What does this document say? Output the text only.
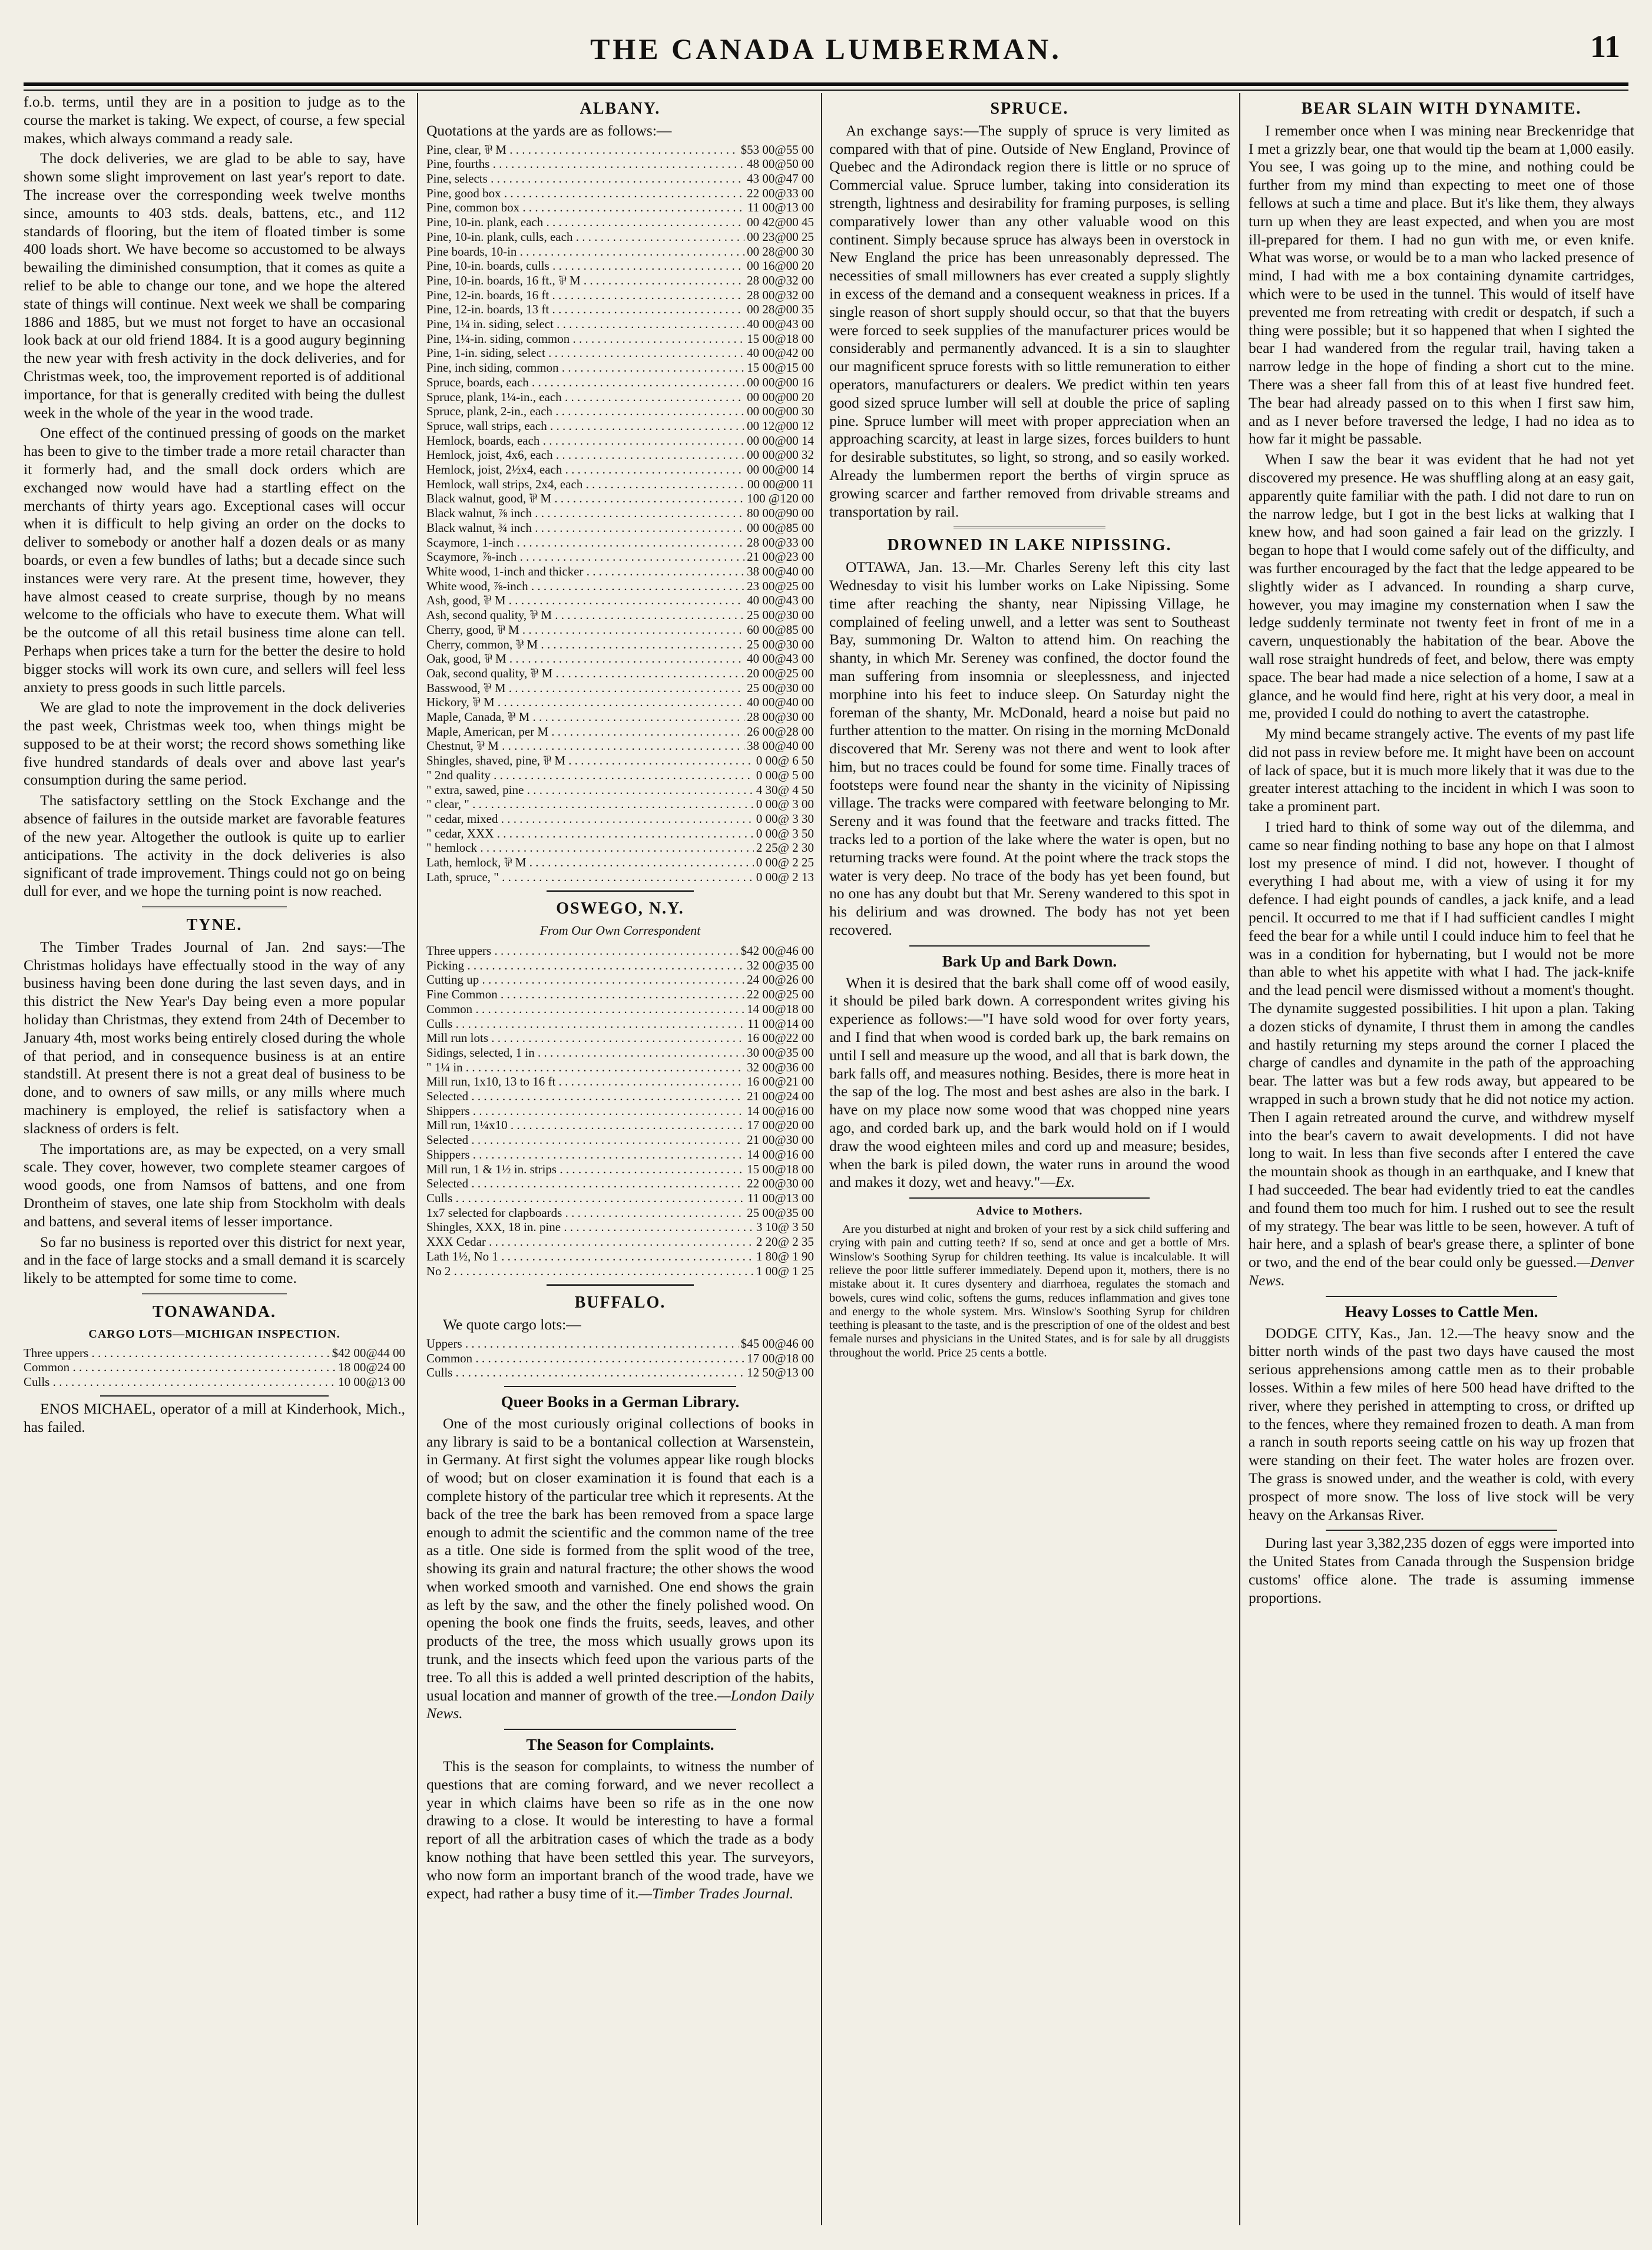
THE CANADA LUMBERMAN.	11

f.o.b. terms, until they are in a position to judge as to the course the market is taking. We expect, of course, a few special makes, which always command a ready sale.

The dock deliveries, we are glad to be able to say, have shown some slight improvement on last year's report to date. The increase over the corresponding week twelve months since, amounts to 403 stds. deals, battens, etc., and 112 standards of flooring, but the item of floated timber is some 400 loads short. We have become so accustomed to be always bewailing the diminished consumption, that it comes as quite a relief to be able to change our tone, and we hope the altered state of things will continue. Next week we shall be comparing 1886 and 1885, but we must not forget to have an occasional look back at our old friend 1884. It is a good augury beginning the new year with fresh activity in the dock deliveries, and for Christmas week, too, the improvement reported is of additional importance, for that is generally credited with being the dullest week in the whole of the year in the wood trade.

One effect of the continued pressing of goods on the market has been to give to the timber trade a more retail character than it formerly had, and the small dock orders which are exchanged now would have had a startling effect on the merchants of thirty years ago. Exceptional cases will occur when it is difficult to help giving an order on the docks to deliver to somebody or another half a dozen deals or as many boards, or even a few bundles of laths; but a decade since such instances were very rare. At the present time, however, they have almost ceased to create surprise, though by no means welcome to the officials who have to execute them. What will be the outcome of all this retail business time alone can tell. Perhaps when prices take a turn for the better the desire to hold bigger stocks will work its own cure, and sellers will feel less anxiety to press goods in such little parcels.

We are glad to note the improvement in the dock deliveries the past week, Christmas week too, when things might be supposed to be at their worst; the record shows something like five hundred standards of deals over and above last year's consumption during the same period.

The satisfactory settling on the Stock Exchange and the absence of failures in the outside market are favorable features of the new year. Altogether the outlook is quite up to earlier anticipations. The activity in the dock deliveries is also significant of trade improvement. Things could not go on being dull for ever, and we hope the turning point is now reached.

TYNE.

The Timber Trades Journal of Jan. 2nd says:—The Christmas holidays have effectually stood in the way of any business having been done during the last seven days, and in this district the New Year's Day being even a more popular holiday than Christmas, they extend from 24th of December to January 4th, most works being entirely closed during the whole of that period, and in consequence business is at an entire standstill. At present there is not a great deal of business to be done, and to owners of saw mills, or any mills where much machinery is employed, the relief is satisfactory when a slackness of orders is felt.

The importations are, as may be expected, on a very small scale. They cover, however, two complete steamer cargoes of wood goods, one from Namsos of battens, and one from Drontheim of staves, one late ship from Stockholm with deals and battens, and several items of lesser importance.

So far no business is reported over this district for next year, and in the face of large stocks and a small demand it is scarcely likely to be attempted for some time to come.

TONAWANDA.
CARGO LOTS—MICHIGAN INSPECTION.
Three uppers . . .	$42 00@44 00
Common . . .	18 00@24 00
Culls . . .	10 00@13 00

ENOS MICHAEL, operator of a mill at Kinderhook, Mich., has failed.

ALBANY.

Quotations at the yards are as follows:—

Pine, clear, ⅌ M . . .	$53 00@55 00
Pine, fourths . . .	48 00@50 00
Pine, selects . . .	43 00@47 00
Pine, good box . . .	22 00@33 00
Pine, common box . . .	11 00@13 00
Pine, 10-in. plank, each . . .	00 42@00 45
Pine, 10-in. plank, culls, each . . .	00 23@00 25
Pine boards, 10-in . . .	00 28@00 30
Pine, 10-in. boards, culls . . .	00 16@00 20
Pine, 10-in. boards, 16 ft., ⅌ M . . .	28 00@32 00
Pine, 12-in. boards, 16 ft . . .	28 00@32 00
Pine, 12-in. boards, 13 ft . . .	00 28@00 35
Pine, 1¼ in. siding, select . . .	40 00@43 00
Pine, 1¼-in. siding, common . . .	15 00@18 00
Pine, 1-in. siding, select . . .	40 00@42 00
Pine, inch siding, common . . .	15 00@15 00
Spruce, boards, each . . .	00 00@00 16
Spruce, plank, 1¼-in., each . . .	00 00@00 20
Spruce, plank, 2-in., each . . .	00 00@00 30
Spruce, wall strips, each . . .	00 12@00 12
Hemlock, boards, each . . .	00 00@00 14
Hemlock, joist, 4x6, each . . .	00 00@00 32
Hemlock, joist, 2½x4, each . . .	00 00@00 14
Hemlock, wall strips, 2x4, each . . .	00 00@00 11
Black walnut, good, ⅌ M . . .	100 @120 00
Black walnut, ⅞ inch . . .	80 00@90 00
Black walnut, ¾ inch . . .	00 00@85 00
Scaymore, 1-inch . . .	28 00@33 00
Scaymore, ⅞-inch . . .	21 00@23 00
White wood, 1-inch and thicker . . .	38 00@40 00
White wood, ⅞-inch . . .	23 00@25 00
Ash, good, ⅌ M . . .	40 00@43 00
Ash, second quality, ⅌ M . . .	25 00@30 00
Cherry, good, ⅌ M . . .	60 00@85 00
Cherry, common, ⅌ M . . .	25 00@30 00
Oak, good, ⅌ M . . .	40 00@43 00
Oak, second quality, ⅌ M . . .	20 00@25 00
Basswood, ⅌ M . . .	25 00@30 00
Hickory, ⅌ M . . .	40 00@40 00
Maple, Canada, ⅌ M . . .	28 00@30 00
Maple, American, per M . . .	26 00@28 00
Chestnut, ⅌ M . . .	38 00@40 00
Shingles, shaved, pine, ⅌ M . . .	0 00@ 6 50
" 2nd quality . . .	0 00@ 5 00
" extra, sawed, pine . . .	4 30@ 4 50
" clear, " . . .	0 00@ 3 00
" cedar, mixed . . .	0 00@ 3 30
" cedar, XXX . . .	0 00@ 3 50
" hemlock . . .	2 25@ 2 30
Lath, hemlock, ⅌ M . . .	0 00@ 2 25
Lath, spruce, " . . .	0 00@ 2 13
OSWEGO, N.Y.
From Our Own Correspondent
Three uppers . . .	$42 00@46 00
Picking . . .	32 00@35 00
Cutting up . . .	24 00@26 00
Fine Common . . .	22 00@25 00
Common . . .	14 00@18 00
Culls . . .	11 00@14 00
Mill run lots . . .	16 00@22 00
Sidings, selected, 1 in . . .	30 00@35 00
" 1¼ in . . .	32 00@36 00
Mill run, 1x10, 13 to 16 ft . . .	16 00@21 00
Selected . . .	21 00@24 00
Shippers . . .	14 00@16 00
Mill run, 1¼x10 . . .	17 00@20 00
Selected . . .	21 00@30 00
Shippers . . .	14 00@16 00
Mill run, 1 & 1½ in. strips . . .	15 00@18 00
Selected . . .	22 00@30 00
Culls . . .	11 00@13 00
1x7 selected for clapboards . . .	25 00@35 00
Shingles, XXX, 18 in. pine . . .	3 10@ 3 50
XXX Cedar . . .	2 20@ 2 35
Lath 1½, No 1 . . .	1 80@ 1 90
No 2 . . .	1 00@ 1 25
BUFFALO.

We quote cargo lots:—

Uppers . . .	$45 00@46 00
Common . . .	17 00@18 00
Culls . . .	12 50@13 00
Queer Books in a German Library.

One of the most curiously original collections of books in any library is said to be a bontanical collection at Warsenstein, in Germany. At first sight the volumes appear like rough blocks of wood; but on closer examination it is found that each is a complete history of the particular tree which it represents. At the back of the tree the bark has been removed from a space large enough to admit the scientific and the common name of the tree as a title. One side is formed from the split wood of the tree, showing its grain and natural fracture; the other shows the wood when worked smooth and varnished. One end shows the grain as left by the saw, and the other the finely polished wood. On opening the book one finds the fruits, seeds, leaves, and other products of the tree, the moss which usually grows upon its trunk, and the insects which feed upon the various parts of the tree. To all this is added a well printed description of the habits, usual location and manner of growth of the tree.—London Daily News.

The Season for Complaints.

This is the season for complaints, to witness the number of questions that are coming forward, and we never recollect a year in which claims have been so rife as in the one now drawing to a close. It would be interesting to have a formal report of all the arbitration cases of which the trade as a body know nothing that have been settled this year. The surveyors, who now form an important branch of the wood trade, have we expect, had rather a busy time of it.—Timber Trades Journal.

SPRUCE.

An exchange says:—The supply of spruce is very limited as compared with that of pine. Outside of New England, Province of Quebec and the Adirondack region there is little or no spruce of Commercial value. Spruce lumber, taking into consideration its strength, lightness and desirability for framing purposes, is selling comparatively lower than any other valuable wood on this continent. Simply because spruce has always been in overstock in New England the price has been unreasonably depressed. The necessities of small millowners has ever created a supply slightly in excess of the demand and a consequent weakness in prices. If a single reason of short supply should occur, so that that the buyers were forced to seek supplies of the manufacturer prices would be considerably and permanently advanced. It is a sin to slaughter our magnificent spruce forests with so little remuneration to either operators, manufacturers or dealers. We predict within ten years good sized spruce lumber will sell at double the price of sapling pine. Spruce lumber will meet with proper appreciation when an approaching scarcity, at least in large sizes, forces builders to hunt for desirable substitutes, so light, so strong, and so easily worked. Already the lumbermen report the berths of virgin spruce as growing scarcer and farther removed from drivable streams and transportation by rail.

DROWNED IN LAKE NIPISSING.

OTTAWA, Jan. 13.—Mr. Charles Sereny left this city last Wednesday to visit his lumber works on Lake Nipissing. Some time after reaching the shanty, near Nipissing Village, he complained of feeling unwell, and a letter was sent to Southeast Bay, summoning Dr. Walton to attend him. On reaching the shanty, in which Mr. Sereney was confined, the doctor found the man suffering from insomnia or sleeplessness, and injected morphine into his feet to induce sleep. On Saturday night the foreman of the shanty, Mr. McDonald, heard a noise but paid no further attention to the matter. On rising in the morning McDonald discovered that Mr. Sereny was not there and went to look after him, but no traces could be found for some time. Finally traces of footsteps were found near the shanty in the vicinity of Nipissing village. The tracks were compared with feetware belonging to Mr. Sereny and it was found that the feetware and tracks fitted. The tracks led to a portion of the lake where the water is open, but no returning tracks were found. At the point where the track stops the water is very deep. No trace of the body has yet been found, but no one has any doubt but that Mr. Sereny wandered to this spot in his delirium and was drowned. The body has not yet been recovered.

Bark Up and Bark Down.

When it is desired that the bark shall come off of wood easily, it should be piled bark down. A correspondent writes giving his experience as follows:—"I have sold wood for over forty years, and I find that when wood is corded bark up, the bark remains on until I sell and measure up the wood, and all that is bark down, the bark falls off, and measures nothing. Besides, there is more heat in the sap of the log. The most and best ashes are also in the bark. I have on my place now some wood that was chopped nine years ago, and corded bark up, and the bark would hold on if I would draw the wood eighteen miles and cord up and measure; besides, when the bark is piled down, the water runs in around the wood and makes it dozy, wet and heavy."—Ex.

Advice to Mothers.

Are you disturbed at night and broken of your rest by a sick child suffering and crying with pain and cutting teeth? If so, send at once and get a bottle of Mrs. Winslow's Soothing Syrup for children teething. Its value is incalculable. It will relieve the poor little sufferer immediately. Depend upon it, mothers, there is no mistake about it. It cures dysentery and diarrhoea, regulates the stomach and bowels, cures wind colic, softens the gums, reduces inflammation and gives tone and energy to the whole system. Mrs. Winslow's Soothing Syrup for children teething is pleasant to the taste, and is the prescription of one of the oldest and best female nurses and physicians in the United States, and is for sale by all druggists throughout the world. Price 25 cents a bottle.

BEAR SLAIN WITH DYNAMITE.

I remember once when I was mining near Breckenridge that I met a grizzly bear, one that would tip the beam at 1,000 easily. You see, I was going up to the mine, and nothing could be further from my mind than expecting to meet one of those fellows at such a time and place. But it's like them, they always turn up when they are least expected, and when you are most ill-prepared for them. I had no gun with me, or even knife. What was worse, or would be to a man who lacked presence of mind, I had with me a box containing dynamite cartridges, which were to be used in the tunnel. This would of itself have prevented me from retreating with credit or despatch, if such a thing were possible; but it so happened that when I sighted the bear I had wandered from the regular trail, having taken a narrow ledge in the hope of finding a short cut to the mine. There was a sheer fall from this of at least five hundred feet. The bear had already passed on to this when I first saw him, and as I never before traversed the ledge, I had no idea as to how far it might be passable.

When I saw the bear it was evident that he had not yet discovered my presence. He was shuffling along at an easy gait, apparently quite familiar with the path. I did not dare to run on the narrow ledge, but I got in the best licks at walking that I knew how, and had soon gained a fair lead on the grizzly. I began to hope that I would come safely out of the difficulty, and was further encouraged by the fact that the ledge appeared to be slightly wider as I advanced. In rounding a sharp curve, however, you may imagine my consternation when I saw the ledge suddenly terminate not twenty feet in front of me in a cavern, unquestionably the habitation of the bear. Above the wall rose straight hundreds of feet, and below, there was empty space. The bear had made a nice selection of a home, I saw at a glance, and he would find here, right at his very door, a meal in me, provided I could do nothing to avert the catastrophe.

My mind became strangely active. The events of my past life did not pass in review before me. It might have been on account of lack of space, but it is much more likely that it was due to the greater interest attaching to the incident in which I was soon to take a prominent part.

I tried hard to think of some way out of the dilemma, and came so near finding nothing to base any hope on that I almost lost my presence of mind. I did not, however. I thought of everything I had about me, with a view of using it for my defence. I had eight pounds of candles, a jack knife, and a lead pencil. It occurred to me that if I had sufficient candles I might feed the bear for a while until I could induce him to feel that he was in a condition for hybernating, but I would not be more than able to whet his appetite with what I had. The jack-knife and the lead pencil were dismissed without a moment's thought. The dynamite suggested possibilities. I hit upon a plan. Taking a dozen sticks of dynamite, I thrust them in among the candles and hastily returning my steps around the corner I placed the charge of candles and dynamite in the path of the approaching bear. The latter was but a few rods away, but appeared to be wrapped in such a brown study that he did not notice my action. Then I again retreated around the curve, and withdrew myself into the bear's cavern to await developments. I did not have long to wait. In less than five seconds after I entered the cave the mountain shook as though in an earthquake, and I knew that I had succeeded. The bear had evidently tried to eat the candles and found them too much for him. I rushed out to see the result of my strategy. The bear was little to be seen, however. A tuft of hair here, and a splash of bear's grease there, a splinter of bone or two, and the end of the bear could only be guessed.—Denver News.

Heavy Losses to Cattle Men.

DODGE CITY, Kas., Jan. 12.—The heavy snow and the bitter north winds of the past two days have caused the most serious apprehensions among cattle men as to their probable losses. Within a few miles of here 500 head have drifted to the river, where they perished in attempting to cross, or drifted up to the fences, where they remained frozen to death. A man from a ranch in south reports seeing cattle on his way up frozen that were standing on their feet. The water holes are frozen over. The grass is snowed under, and the weather is cold, with every prospect of more snow. The loss of live stock will be very heavy on the Arkansas River.

During last year 3,382,235 dozen of eggs were imported into the United States from Canada through the Suspension bridge customs' office alone. The trade is assuming immense proportions.
